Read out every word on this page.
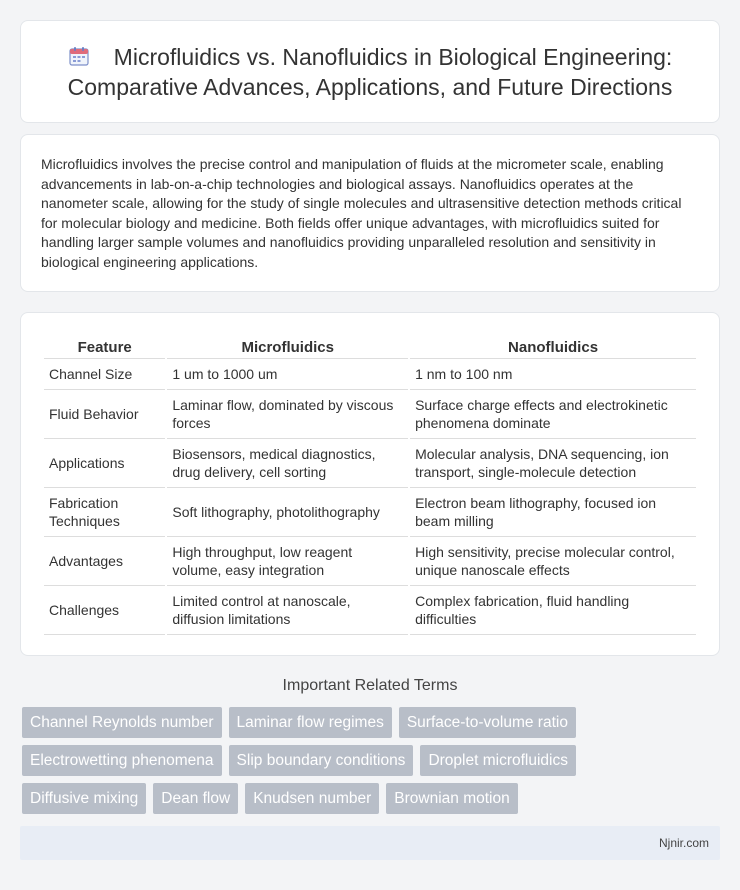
Microfluidics vs. Nanofluidics in Biological Engineering: Comparative Advances, Applications, and Future Directions

Microfluidics involves the precise control and manipulation of fluids at the micrometer scale, enabling advancements in lab-on-a-chip technologies and biological assays. Nanofluidics operates at the nanometer scale, allowing for the study of single molecules and ultrasensitive detection methods critical for molecular biology and medicine. Both fields offer unique advantages, with microfluidics suited for handling larger sample volumes and nanofluidics providing unparalleled resolution and sensitivity in biological engineering applications.

Feature	Microfluidics	Nanofluidics
Channel Size	1 um to 1000 um	1 nm to 100 nm
Fluid Behavior	Laminar flow, dominated by viscous forces	Surface charge effects and electrokinetic phenomena dominate
Applications	Biosensors, medical diagnostics, drug delivery, cell sorting	Molecular analysis, DNA sequencing, ion transport, single-molecule detection
Fabrication Techniques	Soft lithography, photolithography	Electron beam lithography, focused ion beam milling
Advantages	High throughput, low reagent volume, easy integration	High sensitivity, precise molecular control, unique nanoscale effects
Challenges	Limited control at nanoscale, diffusion limitations	Complex fabrication, fluid handling difficulties
Important Related Terms
Channel Reynolds number	Laminar flow regimes	Surface-to-volume ratio
Electrowetting phenomena	Slip boundary conditions	Droplet microfluidics
Diffusive mixing	Dean flow	Knudsen number	Brownian motion
Njnir.com
